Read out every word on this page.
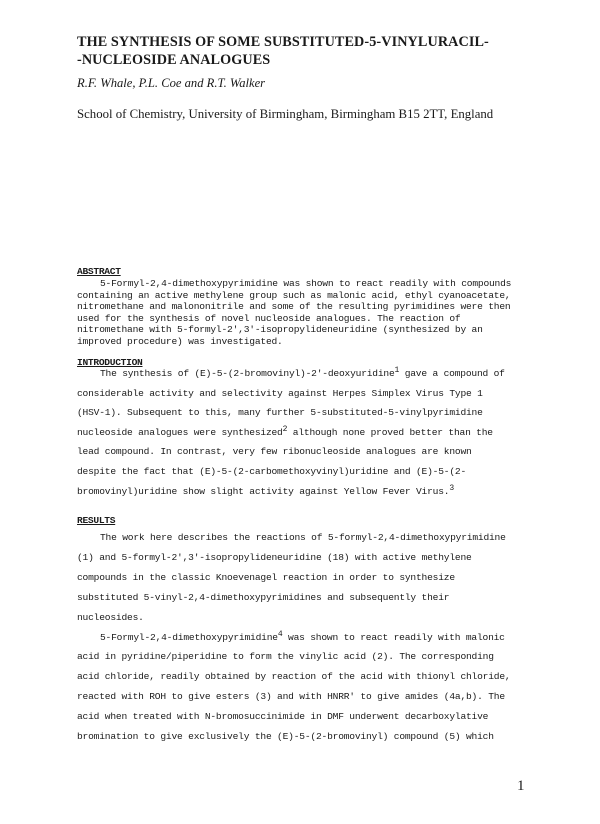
THE SYNTHESIS OF SOME SUBSTITUTED-5-VINYLURACIL-
-NUCLEOSIDE ANALOGUES
R.F. Whale, P.L. Coe and R.T. Walker
School of Chemistry, University of Birmingham, Birmingham B15 2TT, England
ABSTRACT
5-Formyl-2,4-dimethoxypyrimidine was shown to react readily with compounds
containing an active methylene group such as malonic acid, ethyl cyanoacetate,
nitromethane and malononitrile and some of the resulting pyrimidines were then
used for the synthesis of novel nucleoside analogues. The reaction of
nitromethane with 5-formyl-2',3'-isopropylideneuridine (synthesized by an
improved procedure) was investigated.
INTRODUCTION
The synthesis of (E)-5-(2-bromovinyl)-2'-deoxyuridine$^1$ gave a compound of
considerable activity and selectivity against Herpes Simplex Virus Type 1
(HSV-1). Subsequent to this, many further 5-substituted-5-vinylpyrimidine
nucleoside analogues were synthesized$^2$ although none proved better than the
lead compound. In contrast, very few ribonucleoside analogues are known
despite the fact that (E)-5-(2-carbomethoxyvinyl)uridine and (E)-5-(2-
bromovinyl)uridine show slight activity against Yellow Fever Virus.$^3$
RESULTS
The work here describes the reactions of 5-formyl-2,4-dimethoxypyrimidine
(1) and 5-formyl-2',3'-isopropylideneuridine (18) with active methylene
compounds in the classic Knoevenagel reaction in order to synthesize
substituted 5-vinyl-2,4-dimethoxypyrimidines and subsequently their
nucleosides.
5-Formyl-2,4-dimethoxypyrimidine$^4$ was shown to react readily with malonic
acid in pyridine/piperidine to form the vinylic acid (2). The corresponding
acid chloride, readily obtained by reaction of the acid with thionyl chloride,
reacted with ROH to give esters (3) and with HNRR' to give amides (4a,b). The
acid when treated with N-bromosuccinimide in DMF underwent decarboxylative
bromination to give exclusively the (E)-5-(2-bromovinyl) compound (5) which
1
